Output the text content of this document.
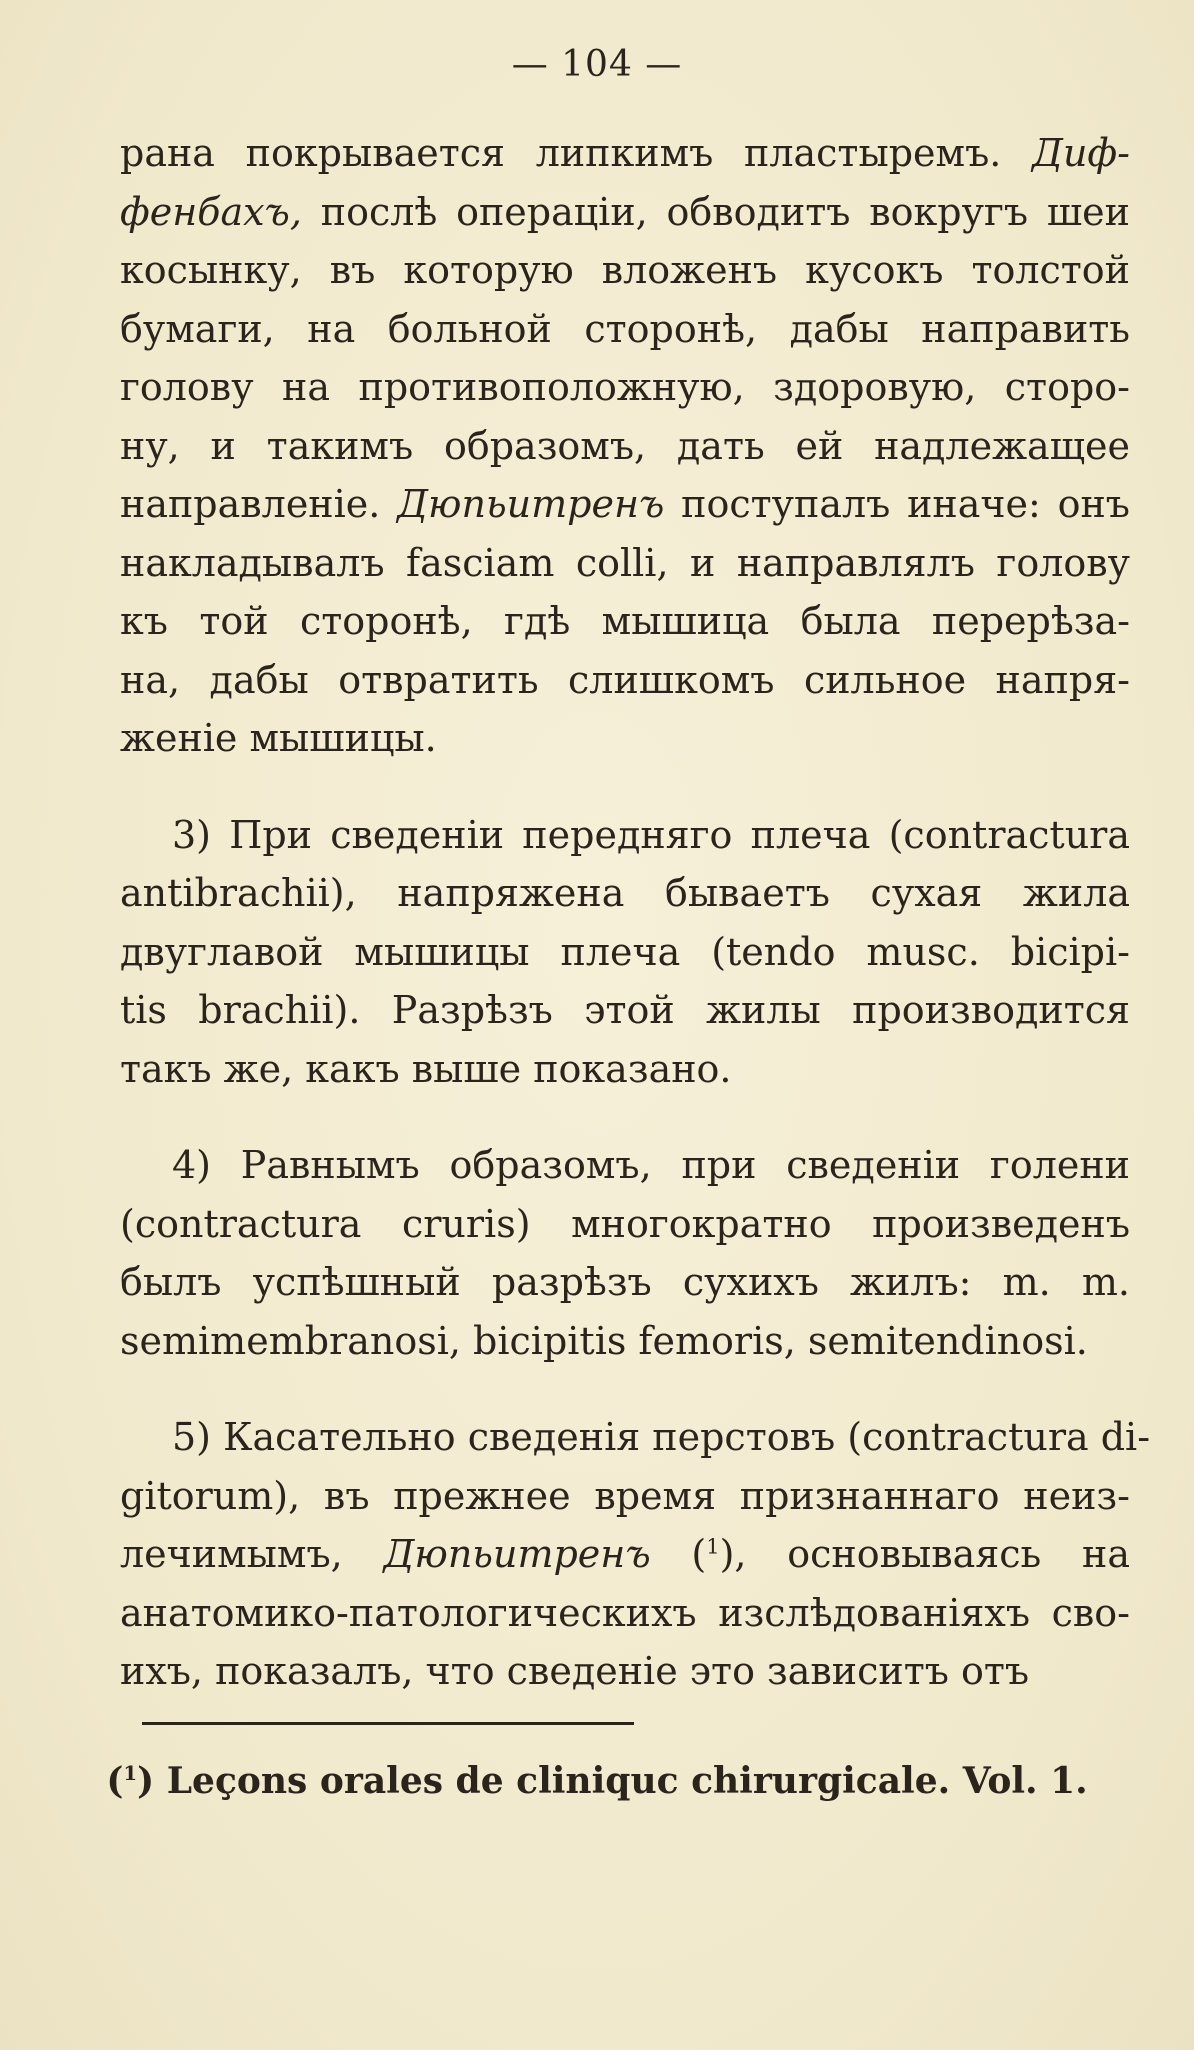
— 104 —
рана покрывается липкимъ пластыремъ. Диф-
фенбахъ, послѣ операціи, обводитъ вокругъ шеи
косынку, въ которую вложенъ кусокъ толстой
бумаги, на больной сторонѣ, дабы направить
голову на противоположную, здоровую, сторо-
ну, и такимъ образомъ, дать ей надлежащее
направленіе. Дюпьитренъ поступалъ иначе: онъ
накладывалъ fasciam colli, и направлялъ голову
къ той сторонѣ, гдѣ мышица была перерѣза-
на, дабы отвратить слишкомъ сильное напря-
женіе мышицы.
3) При сведеніи передняго плеча (contractura
antibrachii), напряжена бываетъ сухая жила
двуглавой мышицы плеча (tendo musc. bicipi-
tis brachii). Разрѣзъ этой жилы производится
такъ же, какъ выше показано.
4) Равнымъ образомъ, при сведеніи голени
(contractura cruris) многократно произведенъ
былъ успѣшный разрѣзъ сухихъ жилъ: m. m.
semimembranosi, bicipitis femoris, semitendinosi.
5) Касательно сведенія перстовъ (contractura di-
gitorum), въ прежнее время признаннаго неиз-
лечимымъ, Дюпьитренъ ($^1$), основываясь на
анатомико-патологическихъ изслѣдованіяхъ сво-
ихъ, показалъ, что сведеніе это зависитъ отъ
($^1$) Leçons orales de cliniquc chirurgicale. Vol. 1.
